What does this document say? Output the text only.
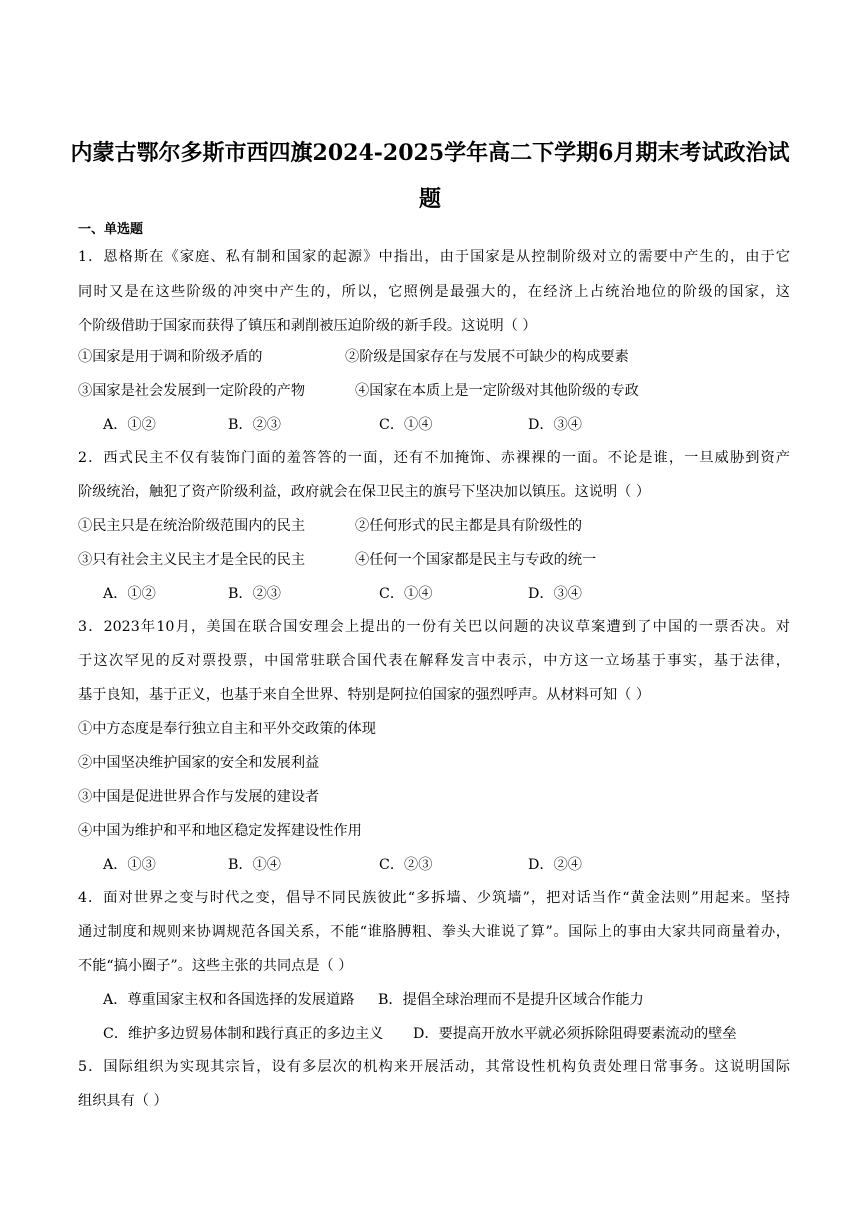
内蒙古鄂尔多斯市西四旗2024-2025学年高二下学期6月期末考试政治试
题
一、单选题
1．恩格斯在《家庭、私有制和国家的起源》中指出，由于国家是从控制阶级对立的需要中产生的，由于它
同时又是在这些阶级的冲突中产生的，所以，它照例是最强大的，在经济上占统治地位的阶级的国家，这
个阶级借助于国家而获得了镇压和剥削被压迫阶级的新手段。这说明（ ）
①国家是用于调和阶级矛盾的	②阶级是国家存在与发展不可缺少的构成要素
③国家是社会发展到一定阶段的产物	④国家在本质上是一定阶级对其他阶级的专政
A．①②	B．②③	C．①④	D．③④
2．西式民主不仅有装饰门面的羞答答的一面，还有不加掩饰、赤裸裸的一面。不论是谁，一旦威胁到资产
阶级统治，触犯了资产阶级利益，政府就会在保卫民主的旗号下坚决加以镇压。这说明（ ）
①民主只是在统治阶级范围内的民主	②任何形式的民主都是具有阶级性的
③只有社会主义民主才是全民的民主	④任何一个国家都是民主与专政的统一
A．①②	B．②③	C．①④	D．③④
3．2023年10月，美国在联合国安理会上提出的一份有关巴以问题的决议草案遭到了中国的一票否决。对
于这次罕见的反对票投票，中国常驻联合国代表在解释发言中表示，中方这一立场基于事实，基于法律，
基于良知，基于正义，也基于来自全世界、特别是阿拉伯国家的强烈呼声。从材料可知（ ）
①中方态度是奉行独立自主和平外交政策的体现
②中国坚决维护国家的安全和发展利益
③中国是促进世界合作与发展的建设者
④中国为维护和平和地区稳定发挥建设性作用
A．①③	B．①④	C．②③	D．②④
4．面对世界之变与时代之变，倡导不同民族彼此“多拆墙、少筑墙”，把对话当作“黄金法则”用起来。坚持
通过制度和规则来协调规范各国关系，不能“谁胳膊粗、拳头大谁说了算”。国际上的事由大家共同商量着办，
不能“搞小圈子”。这些主张的共同点是（ ）
A．尊重国家主权和各国选择的发展道路 B．提倡全球治理而不是提升区域合作能力
C．维护多边贸易体制和践行真正的多边主义 D．要提高开放水平就必须拆除阻碍要素流动的壁垒
5．国际组织为实现其宗旨，设有多层次的机构来开展活动，其常设性机构负责处理日常事务。这说明国际
组织具有（ ）
